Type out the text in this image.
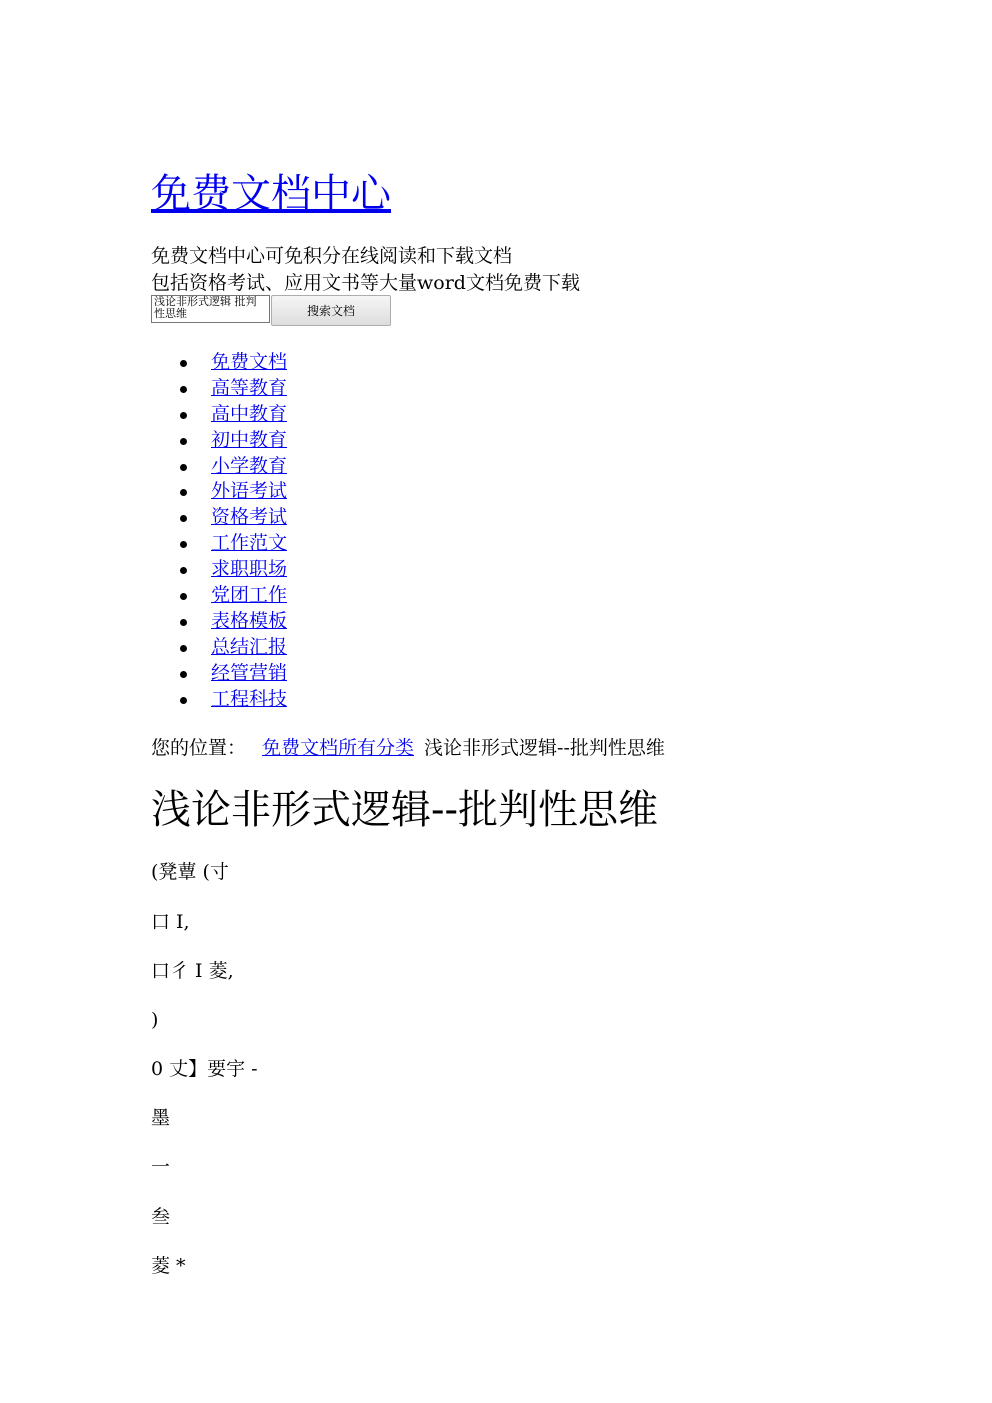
免费文档中心
免费文档中心可免积分在线阅读和下载文档
包括资格考试、应用文书等大量word文档免费下载
浅论非形式逻辑 批判性思维	搜索文档
免费文档
高等教育
高中教育
初中教育
小学教育
外语考试
资格考试
工作范文
求职职场
党团工作
表格模板
总结汇报
经管营销
工程科技
您的位置： 免费文档所有分类 浅论非形式逻辑--批判性思维
浅论非形式逻辑--批判性思维
(凳蕈 (寸
口 I,
口彳 I 菱,
)
0 丈】要宇 -
墨
一
叁
菱 *
